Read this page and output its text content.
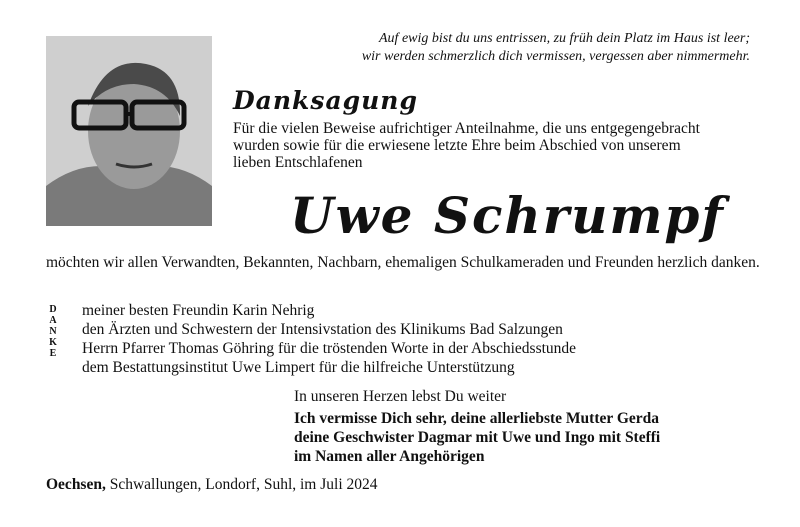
Auf ewig bist du uns entrissen, zu früh dein Platz im Haus ist leer;
wir werden schmerzlich dich vermissen, vergessen aber nimmermehr.
Danksagung
Für die vielen Beweise aufrichtiger Anteilnahme, die uns entgegengebracht
wurden sowie für die erwiesene letzte Ehre beim Abschied von unserem
lieben Entschlafenen
Uwe Schrumpf
möchten wir allen Verwandten, Bekannten, Nachbarn, ehemaligen Schulkameraden und Freunden herzlich danken.
D
A
N
K
E
meiner besten Freundin Karin Nehrig
den Ärzten und Schwestern der Intensivstation des Klinikums Bad Salzungen
Herrn Pfarrer Thomas Göhring für die tröstenden Worte in der Abschiedsstunde
dem Bestattungsinstitut Uwe Limpert für die hilfreiche Unterstützung
In unseren Herzen lebst Du weiter
Ich vermisse Dich sehr, deine allerliebste Mutter Gerda
deine Geschwister Dagmar mit Uwe und Ingo mit Steffi
im Namen aller Angehörigen
Oechsen, Schwallungen, Londorf, Suhl, im Juli 2024
